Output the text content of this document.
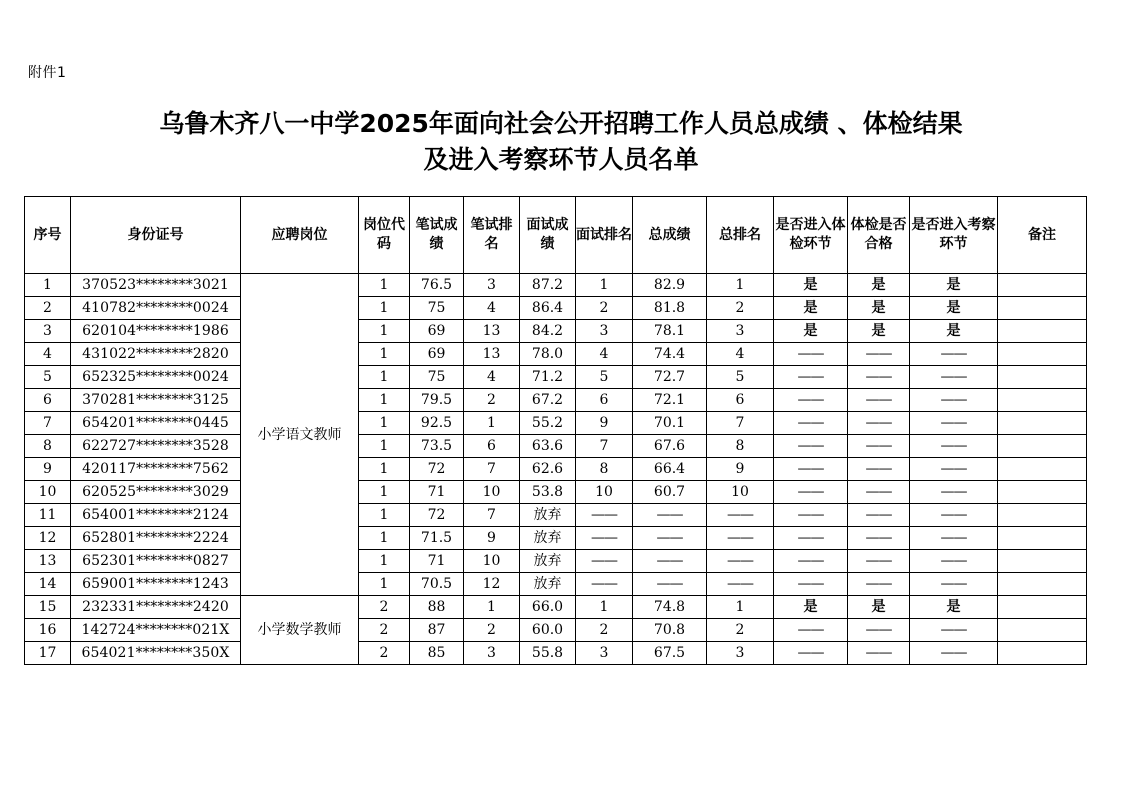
附件1
乌鲁木齐八一中学2025年面向社会公开招聘工作人员总成绩 、体检结果
及进入考察环节人员名单
序号	身份证号	应聘岗位	岗位代码	笔试成绩	笔试排名	面试成绩	面试排名	总成绩	总排名	是否进入体检环节	体检是否合格	是否进入考察环节	备注
1	370523********3021	小学语文教师	1	76.5	3	87.2	1	82.9	1	是	是	是	
2	410782********0024		1	75	4	86.4	2	81.8	2	是	是	是	
3	620104********1986		1	69	13	84.2	3	78.1	3	是	是	是	
4	431022********2820		1	69	13	78.0	4	74.4	4	——	——	——	
5	652325********0024		1	75	4	71.2	5	72.7	5	——	——	——	
6	370281********3125		1	79.5	2	67.2	6	72.1	6	——	——	——	
7	654201********0445		1	92.5	1	55.2	9	70.1	7	——	——	——	
8	622727********3528		1	73.5	6	63.6	7	67.6	8	——	——	——	
9	420117********7562		1	72	7	62.6	8	66.4	9	——	——	——	
10	620525********3029		1	71	10	53.8	10	60.7	10	——	——	——	
11	654001********2124		1	72	7	放弃	——	——	——	——	——	——	
12	652801********2224		1	71.5	9	放弃	——	——	——	——	——	——	
13	652301********0827		1	71	10	放弃	——	——	——	——	——	——	
14	659001********1243		1	70.5	12	放弃	——	——	——	——	——	——	
15	232331********2420	小学数学教师	2	88	1	66.0	1	74.8	1	是	是	是	
16	142724********021X		2	87	2	60.0	2	70.8	2	——	——	——	
17	654021********350X		2	85	3	55.8	3	67.5	3	——	——	——	
